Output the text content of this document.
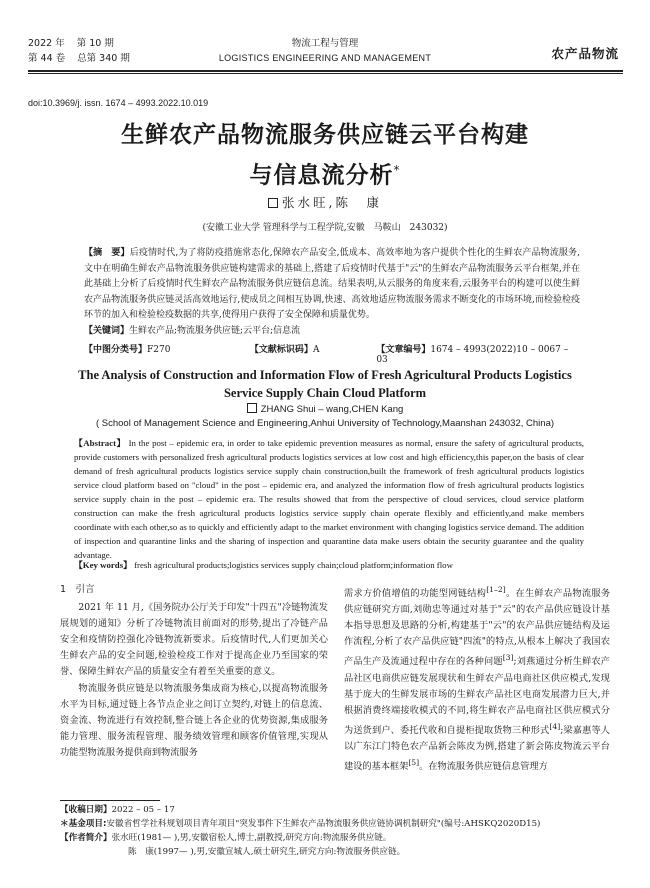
2022 年 第 10 期
第 44 卷 总第 340 期
物流工程与管理
LOGISTICS ENGINEERING AND MANAGEMENT	农产品物流
doi:10.3969/j. issn. 1674 – 4993.2022.10.019
生鲜农产品物流服务供应链云平台构建
与信息流分析*
张水旺,陈　康
(安徽工业大学 管理科学与工程学院,安徽　马鞍山　243032)
【摘　要】后疫情时代,为了将防疫措施常态化,保障农产品安全,低成本、高效率地为客户提供个性化的生鲜农产品物流服务,文中在明确生鲜农产品物流服务供应链构建需求的基础上,搭建了后疫情时代基于"云"的生鲜农产品物流服务云平台框架,并在此基础上分析了后疫情时代生鲜农产品物流服务供应链信息流。结果表明,从云服务的角度来看,云服务平台的构建可以使生鲜农产品物流服务供应链灵活高效地运行,使成员之间相互协调,快速、高效地适应物流服务需求不断变化的市场环境,而检验检疫环节的加入和检验检疫数据的共享,使得用户获得了安全保障和质量优势。
【关键词】生鲜农产品;物流服务供应链;云平台;信息流
【中图分类号】F270	【文献标识码】A	【文章编号】1674 – 4993(2022)10 – 0067 – 03
The Analysis of Construction and Information Flow of Fresh Agricultural Products Logistics
Service Supply Chain Cloud Platform
ZHANG Shui – wang,CHEN Kang
( School of Management Science and Engineering,Anhui University of Technology,Maanshan 243032, China)
【Abstract】 In the post – epidemic era, in order to take epidemic prevention measures as normal, ensure the safety of agricultural products, provide customers with personalized fresh agricultural products logistics services at low cost and high efficiency,this paper,on the basis of clear demand of fresh agricultural products logistics service supply chain construction,built the framework of fresh agricultural products logistics service cloud platform based on "cloud" in the post – epidemic era, and analyzed the information flow of fresh agricultural products logistics service supply chain in the post – epidemic era. The results showed that from the perspective of cloud services, cloud service platform construction can make the fresh agricultural products logistics service supply chain operate flexibly and efficiently,and make members coordinate with each other,so as to quickly and efficiently adapt to the market environment with changing logistics service demand. The addition of inspection and quarantine links and the sharing of inspection and quarantine data make users obtain the security guarantee and the quality advantage.
【Key words】 fresh agricultural products;logistics services supply chain;cloud platform;information flow
1　引言

2021 年 11 月,《国务院办公厅关于印发"十四五"冷链物流发展规划的通知》分析了冷链物流目前面对的形势,提出了冷链产品安全和疫情防控强化冷链物流新要求。后疫情时代,人们更加关心生鲜农产品的安全问题,检验检疫工作对于提高企业乃至国家的荣誉、保障生鲜农产品的质量安全有着至关重要的意义。

物流服务供应链是以物流服务集成商为核心,以提高物流服务水平为目标,通过链上各节点企业之间订立契约,对链上的信息流、资金流、物流进行有效控制,整合链上各企业的优势资源,集成服务能力管理、服务流程管理、服务绩效管理和顾客价值管理,实现从功能型物流服务提供商到物流服务

需求方价值增值的功能型网链结构[1–2]。在生鲜农产品物流服务供应链研究方面,刘勋忠等通过对基于"云"的农产品供应链设计基本指导思想及思路的分析,构建基于"云"的农产品供应链结构及运作流程,分析了农产品供应链"四流"的特点,从根本上解决了我国农产品生产及流通过程中存在的各种问题[3];刘燕通过分析生鲜农产品社区电商供应链发展现状和生鲜农产品电商社区供应模式,发现基于庞大的生鲜发展市场的生鲜农产品社区电商发展潜力巨大,并根据消费终端接收模式的不同,将生鲜农产品电商社区供应模式分为送货到户、委托代收和自提柜提取货物三种形式[4];梁嘉惠等人以广东江门特色农产品新会陈皮为例,搭建了新会陈皮物流云平台建设的基本框架[5]。在物流服务供应链信息管理方

【收稿日期】2022 – 05 – 17
＊基金项目:安徽省哲学社科规划项目青年项目"突发事件下生鲜农产品物流服务供应链协调机制研究"(编号:AHSKQ2020D15)
【作者简介】张水旺(1981— ),男,安徽宿松人,博士,副教授,研究方向:物流服务供应链。
陈　康(1997— ),男,安徽宣城人,硕士研究生,研究方向:物流服务供应链。
